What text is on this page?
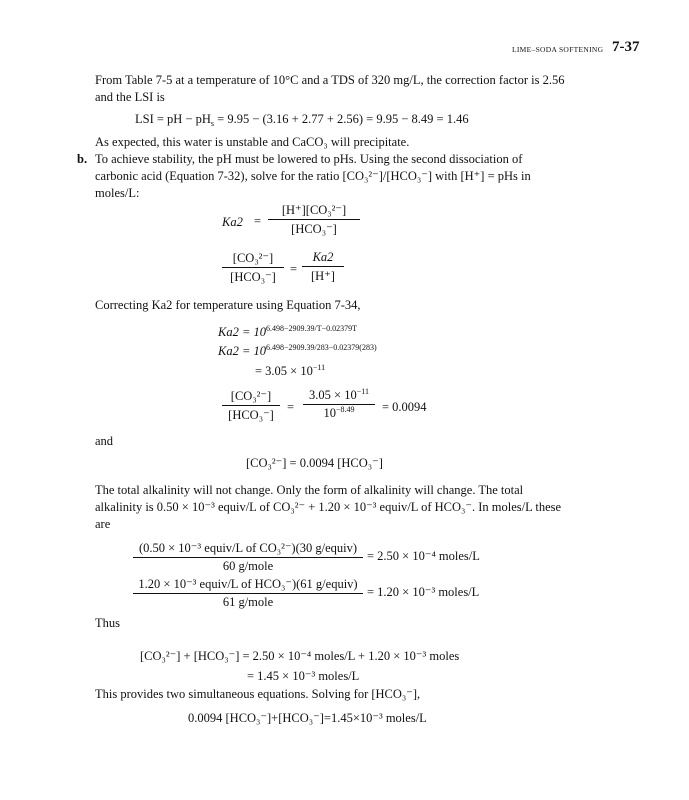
LIME–SODA SOFTENING 7-37
From Table 7-5 at a temperature of 10°C and a TDS of 320 mg/L, the correction factor is 2.56 and the LSI is
LSI = pH − $pH_s = 9.95 - (3.16 + 2.77 + 2.56) = 9.95 - 8.49 = 1.46$
As expected, this water is unstable and CaCO₃ will precipitate.
b. To achieve stability, the pH must be lowered to pHs. Using the second dissociation of carbonic acid (Equation 7-32), solve for the ratio [CO₃²⁻]/[HCO₃⁻] with [H⁺] = pHs in moles/L:
Ka2 =
[H⁺][CO₃²⁻]
[HCO₃⁻]
[CO₃²⁻]
[HCO₃⁻]
= $\frac{Ka2}{[H^+]}$
Correcting Ka2 for temperature using Equation 7-34,
$Ka2 = 10^{6.498-2909.39/T-0.02379T}$
$Ka2 = 10^{6.498-2909.39/283-0.02379(283)}$
= $3.05 \times 10^{-11}$
[CO₃²⁻]
[HCO₃⁻]
= $\frac{3.05 \times 10^{-11}}{10^{-8.49}} = 0.0094$
and
[CO₃²⁻] = 0.0094 [HCO₃⁻]
The total alkalinity will not change. Only the form of alkalinity will change. The total alkalinity is 0.50 × 10⁻³ equiv/L of CO₃²⁻ + 1.20 × 10⁻³ equiv/L of HCO₃⁻. In moles/L these are
(0.50 × 10⁻³ equiv/L of CO₃²⁻)(30 g/equiv)
60 g/mole
= 2.50 × 10⁻⁴ moles/L
1.20 × 10⁻³ equiv/L of HCO₃⁻)(61 g/equiv)
61 g/mole
= 1.20 × 10⁻³ moles/L
Thus
[CO₃²⁻] + [HCO₃⁻] = 2.50 × 10⁻⁴ moles/L + 1.20 × 10⁻³ moles
= 1.45 × 10⁻³ moles/L
This provides two simultaneous equations. Solving for [HCO₃⁻],
0.0094 [HCO₃⁻]+[HCO₃⁻]=1.45×10⁻³ moles/L
